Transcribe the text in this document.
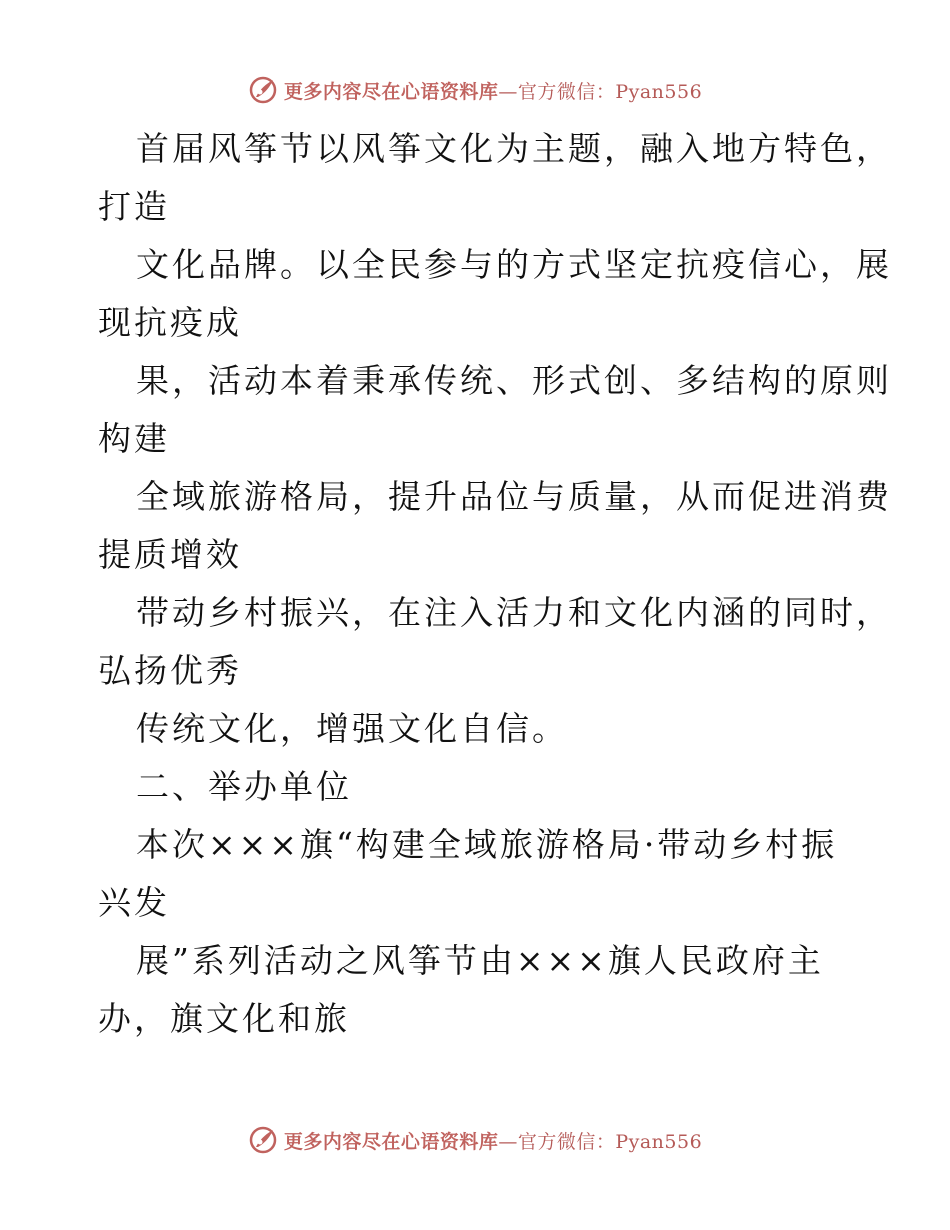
更多内容尽在心语资料库—官方微信：Pyan556
首届风筝节以风筝文化为主题，融入地方特色，
打造
文化品牌。以全民参与的方式坚定抗疫信心，展
现抗疫成
果，活动本着秉承传统、形式创、多结构的原则
构建
全域旅游格局，提升品位与质量，从而促进消费
提质增效
带动乡村振兴，在注入活力和文化内涵的同时，
弘扬优秀
传统文化，增强文化自信。
二、举办单位
本次×××旗“构建全域旅游格局·带动乡村振
兴发
展”系列活动之风筝节由×××旗人民政府主
办，旗文化和旅
更多内容尽在心语资料库—官方微信：Pyan556
